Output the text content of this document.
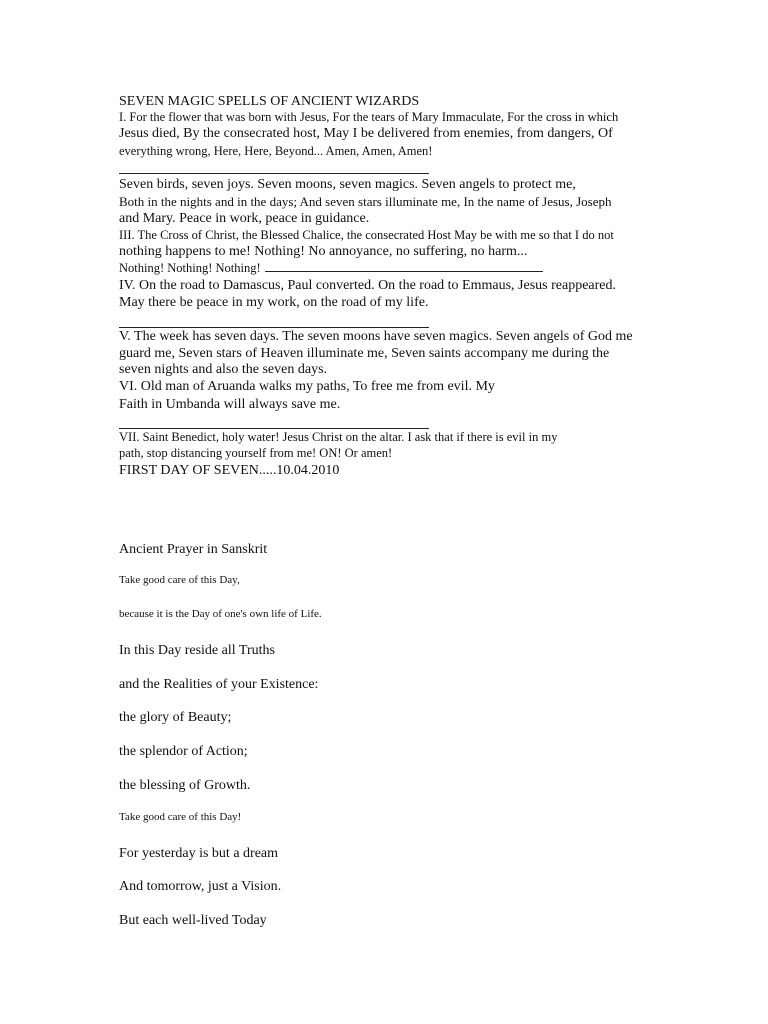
SEVEN MAGIC SPELLS OF ANCIENT WIZARDS

I. For the flower that was born with Jesus, For the tears of Mary Immaculate, For the cross in which

Jesus died, By the consecrated host, May I be delivered from enemies, from dangers, Of

everything wrong, Here, Here, Beyond... Amen, Amen, Amen!

Seven birds, seven joys. Seven moons, seven magics. Seven angels to protect me,

Both in the nights and in the days; And seven stars illuminate me, In the name of Jesus, Joseph

and Mary. Peace in work, peace in guidance.

III. The Cross of Christ, the Blessed Chalice, the consecrated Host May be with me so that I do not

nothing happens to me! Nothing! No annoyance, no suffering, no harm...

Nothing! Nothing! Nothing!

IV. On the road to Damascus, Paul converted. On the road to Emmaus, Jesus reappeared.

May there be peace in my work, on the road of my life.

V. The week has seven days. The seven moons have seven magics. Seven angels of God me

guard me, Seven stars of Heaven illuminate me, Seven saints accompany me during the

seven nights and also the seven days.

VI. Old man of Aruanda walks my paths, To free me from evil. My

Faith in Umbanda will always save me.

VII. Saint Benedict, holy water! Jesus Christ on the altar. I ask that if there is evil in my

path, stop distancing yourself from me! ON! Or amen!

FIRST DAY OF SEVEN.....10.04.2010

Ancient Prayer in Sanskrit

Take good care of this Day,

because it is the Day of one's own life of Life.

In this Day reside all Truths

and the Realities of your Existence:

the glory of Beauty;

the splendor of Action;

the blessing of Growth.

Take good care of this Day!

For yesterday is but a dream

And tomorrow, just a Vision.

But each well-lived Today
